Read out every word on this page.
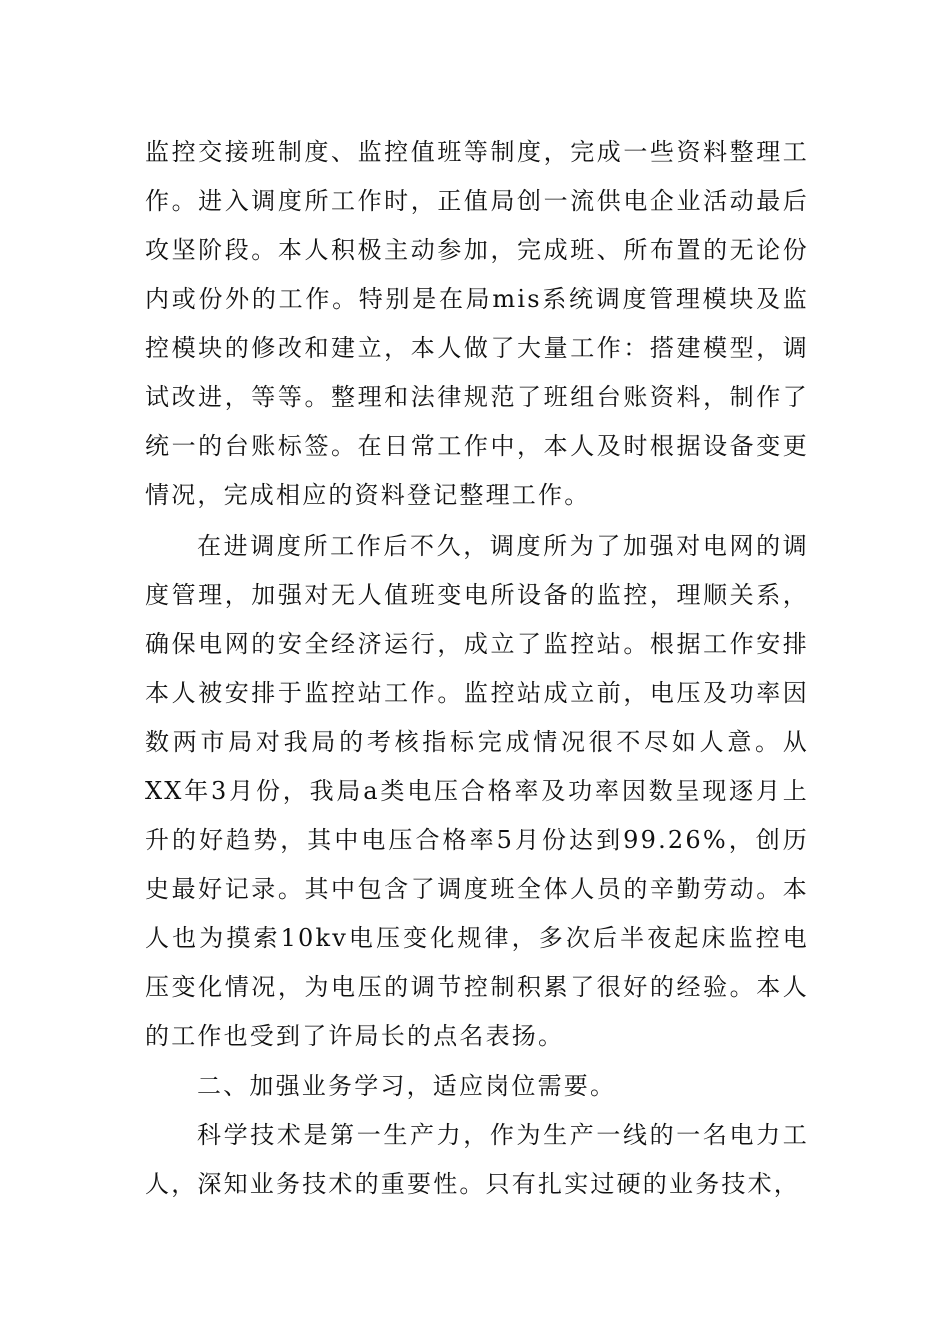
监控交接班制度、监控值班等制度，完成一些资料整理工作。进入调度所工作时，正值局创一流供电企业活动最后攻坚阶段。本人积极主动参加，完成班、所布置的无论份内或份外的工作。特别是在局mis系统调度管理模块及监控模块的修改和建立，本人做了大量工作：搭建模型，调试改进，等等。整理和法律规范了班组台账资料，制作了统一的台账标签。在日常工作中，本人及时根据设备变更情况，完成相应的资料登记整理工作。

在进调度所工作后不久，调度所为了加强对电网的调度管理，加强对无人值班变电所设备的监控，理顺关系，确保电网的安全经济运行，成立了监控站。根据工作安排本人被安排于监控站工作。监控站成立前，电压及功率因数两市局对我局的考核指标完成情况很不尽如人意。从XX年3月份，我局a类电压合格率及功率因数呈现逐月上升的好趋势，其中电压合格率5月份达到99.26%，创历史最好记录。其中包含了调度班全体人员的辛勤劳动。本人也为摸索10kv电压变化规律，多次后半夜起床监控电压变化情况，为电压的调节控制积累了很好的经验。本人的工作也受到了许局长的点名表扬。

二、加强业务学习，适应岗位需要。

科学技术是第一生产力，作为生产一线的一名电力工人，深知业务技术的重要性。只有扎实过硬的业务技术，
